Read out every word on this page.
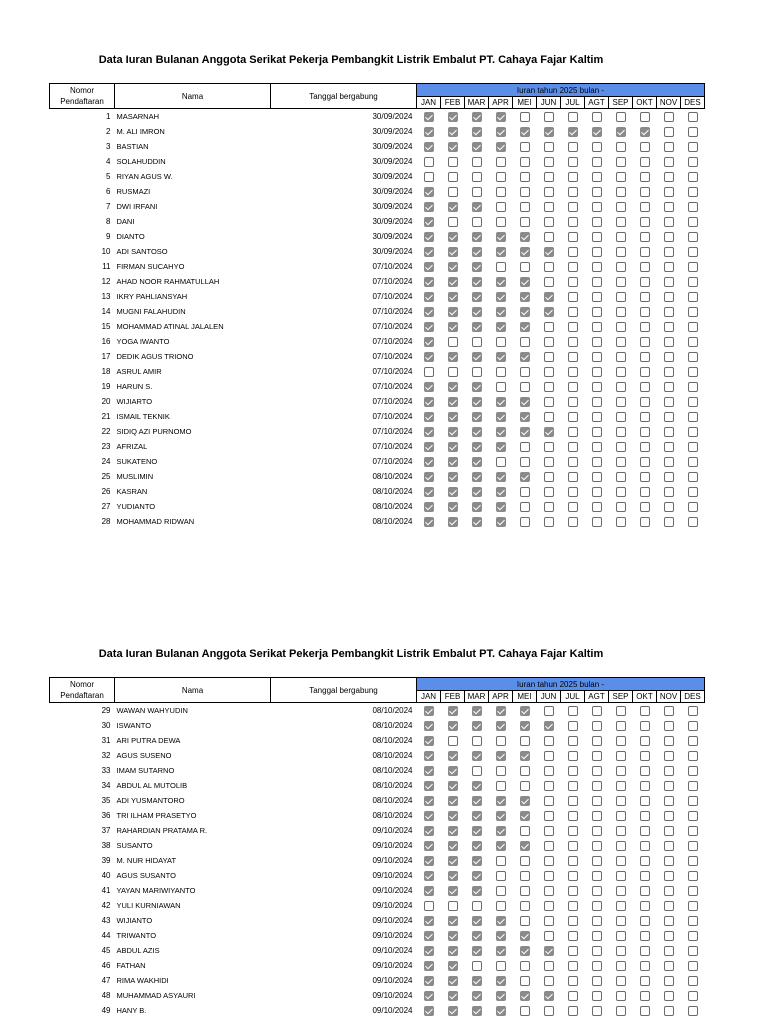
Data Iuran Bulanan Anggota Serikat Pekerja Pembangkit Listrik Embalut PT. Cahaya Fajar Kaltim
Nomor Pendaftaran	Nama	Tanggal bergabung	Iuran tahun 2025 bulan -											
			JAN	FEB	MAR	APR	MEI	JUN	JUL	AGT	SEP	OKT	NOV	DES
1	MASARNAH	30/09/2024												
2	M. ALI IMRON	30/09/2024												
3	BASTIAN	30/09/2024												
4	SOLAHUDDIN	30/09/2024												
5	RIYAN AGUS W.	30/09/2024												
6	RUSMAZI	30/09/2024												
7	DWI IRFANI	30/09/2024												
8	DANI	30/09/2024												
9	DIANTO	30/09/2024												
10	ADI SANTOSO	30/09/2024												
11	FIRMAN SUCAHYO	07/10/2024												
12	AHAD NOOR RAHMATULLAH	07/10/2024												
13	IKRY PAHLIANSYAH	07/10/2024												
14	MUGNI FALAHUDIN	07/10/2024												
15	MOHAMMAD ATINAL JALALEN	07/10/2024												
16	YOGA IWANTO	07/10/2024												
17	DEDIK AGUS TRIONO	07/10/2024												
18	ASRUL AMIR	07/10/2024												
19	HARUN S.	07/10/2024												
20	WIJIARTO	07/10/2024												
21	ISMAIL TEKNIK	07/10/2024												
22	SIDIQ AZI PURNOMO	07/10/2024												
23	AFRIZAL	07/10/2024												
24	SUKATENO	07/10/2024												
25	MUSLIMIN	08/10/2024												
26	KASRAN	08/10/2024												
27	YUDIANTO	08/10/2024												
28	MOHAMMAD RIDWAN	08/10/2024												
Data Iuran Bulanan Anggota Serikat Pekerja Pembangkit Listrik Embalut PT. Cahaya Fajar Kaltim
Nomor Pendaftaran	Nama	Tanggal bergabung	Iuran tahun 2025 bulan -											
			JAN	FEB	MAR	APR	MEI	JUN	JUL	AGT	SEP	OKT	NOV	DES
29	WAWAN WAHYUDIN	08/10/2024												
30	ISWANTO	08/10/2024												
31	ARI PUTRA DEWA	08/10/2024												
32	AGUS SUSENO	08/10/2024												
33	IMAM SUTARNO	08/10/2024												
34	ABDUL AL MUTOLIB	08/10/2024												
35	ADI YUSMANTORO	08/10/2024												
36	TRI ILHAM PRASETYO	08/10/2024												
37	RAHARDIAN PRATAMA R.	09/10/2024												
38	SUSANTO	09/10/2024												
39	M. NUR HIDAYAT	09/10/2024												
40	AGUS SUSANTO	09/10/2024												
41	YAYAN MARIWIYANTO	09/10/2024												
42	YULI KURNIAWAN	09/10/2024												
43	WIJIANTO	09/10/2024												
44	TRIWANTO	09/10/2024												
45	ABDUL AZIS	09/10/2024												
46	FATHAN	09/10/2024												
47	RIMA WAKHIDI	09/10/2024												
48	MUHAMMAD ASYAURI	09/10/2024												
49	HANY B.	09/10/2024												
